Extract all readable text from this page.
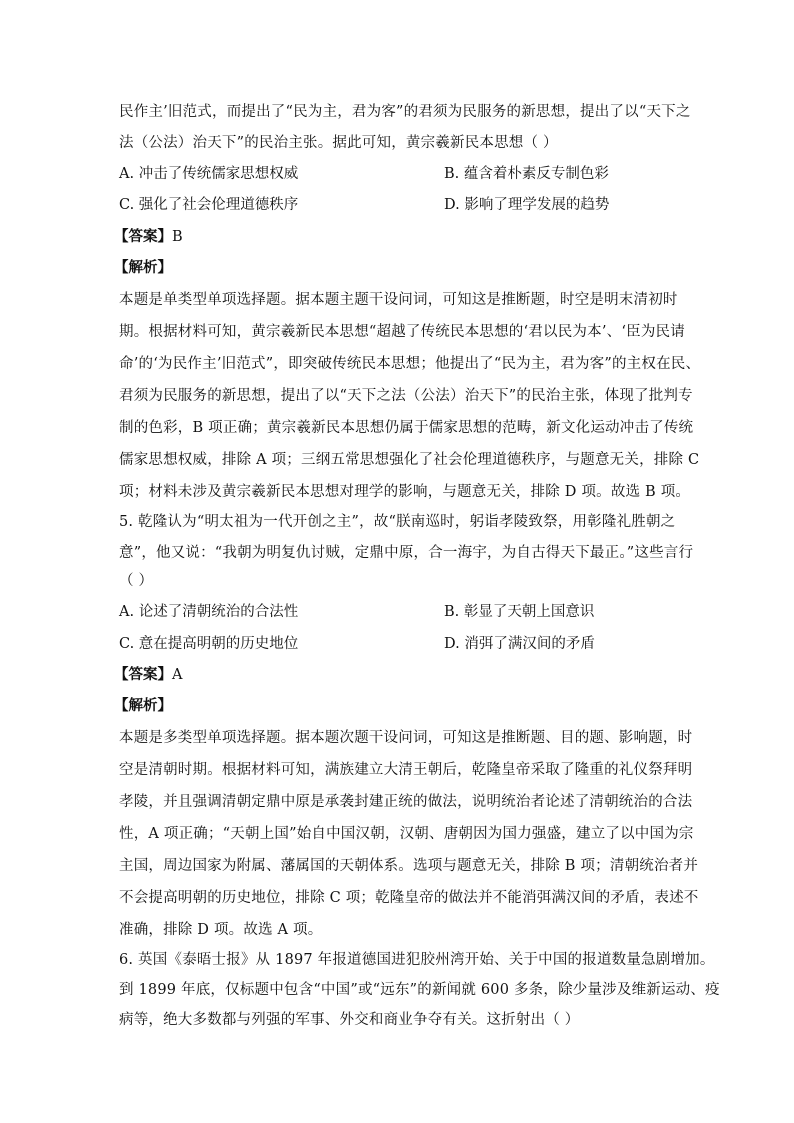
民作主’旧范式，而提出了“民为主，君为客”的君须为民服务的新思想，提出了以“天下之
法（公法）治天下”的民治主张。据此可知，黄宗羲新民本思想（ ）
A. 冲击了传统儒家思想权威	B. 蕴含着朴素反专制色彩
C. 强化了社会伦理道德秩序	D. 影响了理学发展的趋势
【答案】B
【解析】
本题是单类型单项选择题。据本题主题干设问词，可知这是推断题，时空是明末清初时
期。根据材料可知，黄宗羲新民本思想“超越了传统民本思想的‘君以民为本’、‘臣为民请
命’的‘为民作主’旧范式”，即突破传统民本思想；他提出了“民为主，君为客”的主权在民、
君须为民服务的新思想，提出了以“天下之法（公法）治天下”的民治主张，体现了批判专
制的色彩，B 项正确；黄宗羲新民本思想仍属于儒家思想的范畴，新文化运动冲击了传统
儒家思想权威，排除 A 项；三纲五常思想强化了社会伦理道德秩序，与题意无关，排除 C
项；材料未涉及黄宗羲新民本思想对理学的影响，与题意无关，排除 D 项。故选 B 项。
5. 乾隆认为“明太祖为一代开创之主”，故“朕南巡时，躬诣孝陵致祭，用彰隆礼胜朝之
意”，他又说：“我朝为明复仇讨贼，定鼎中原，合一海宇，为自古得天下最正。”这些言行
（ ）
A. 论述了清朝统治的合法性	B. 彰显了天朝上国意识
C. 意在提高明朝的历史地位	D. 消弭了满汉间的矛盾
【答案】A
【解析】
本题是多类型单项选择题。据本题次题干设问词，可知这是推断题、目的题、影响题，时
空是清朝时期。根据材料可知，满族建立大清王朝后，乾隆皇帝采取了隆重的礼仪祭拜明
孝陵，并且强调清朝定鼎中原是承袭封建正统的做法，说明统治者论述了清朝统治的合法
性，A 项正确；“天朝上国”始自中国汉朝，汉朝、唐朝因为国力强盛，建立了以中国为宗
主国，周边国家为附属、藩属国的天朝体系。选项与题意无关，排除 B 项；清朝统治者并
不会提高明朝的历史地位，排除 C 项；乾隆皇帝的做法并不能消弭满汉间的矛盾，表述不
准确，排除 D 项。故选 A 项。
6. 英国《泰晤士报》从 1897 年报道德国进犯胶州湾开始、关于中国的报道数量急剧增加。
到 1899 年底，仅标题中包含“中国”或“远东”的新闻就 600 多条，除少量涉及维新运动、疫
病等，绝大多数都与列强的军事、外交和商业争夺有关。这折射出（ ）
